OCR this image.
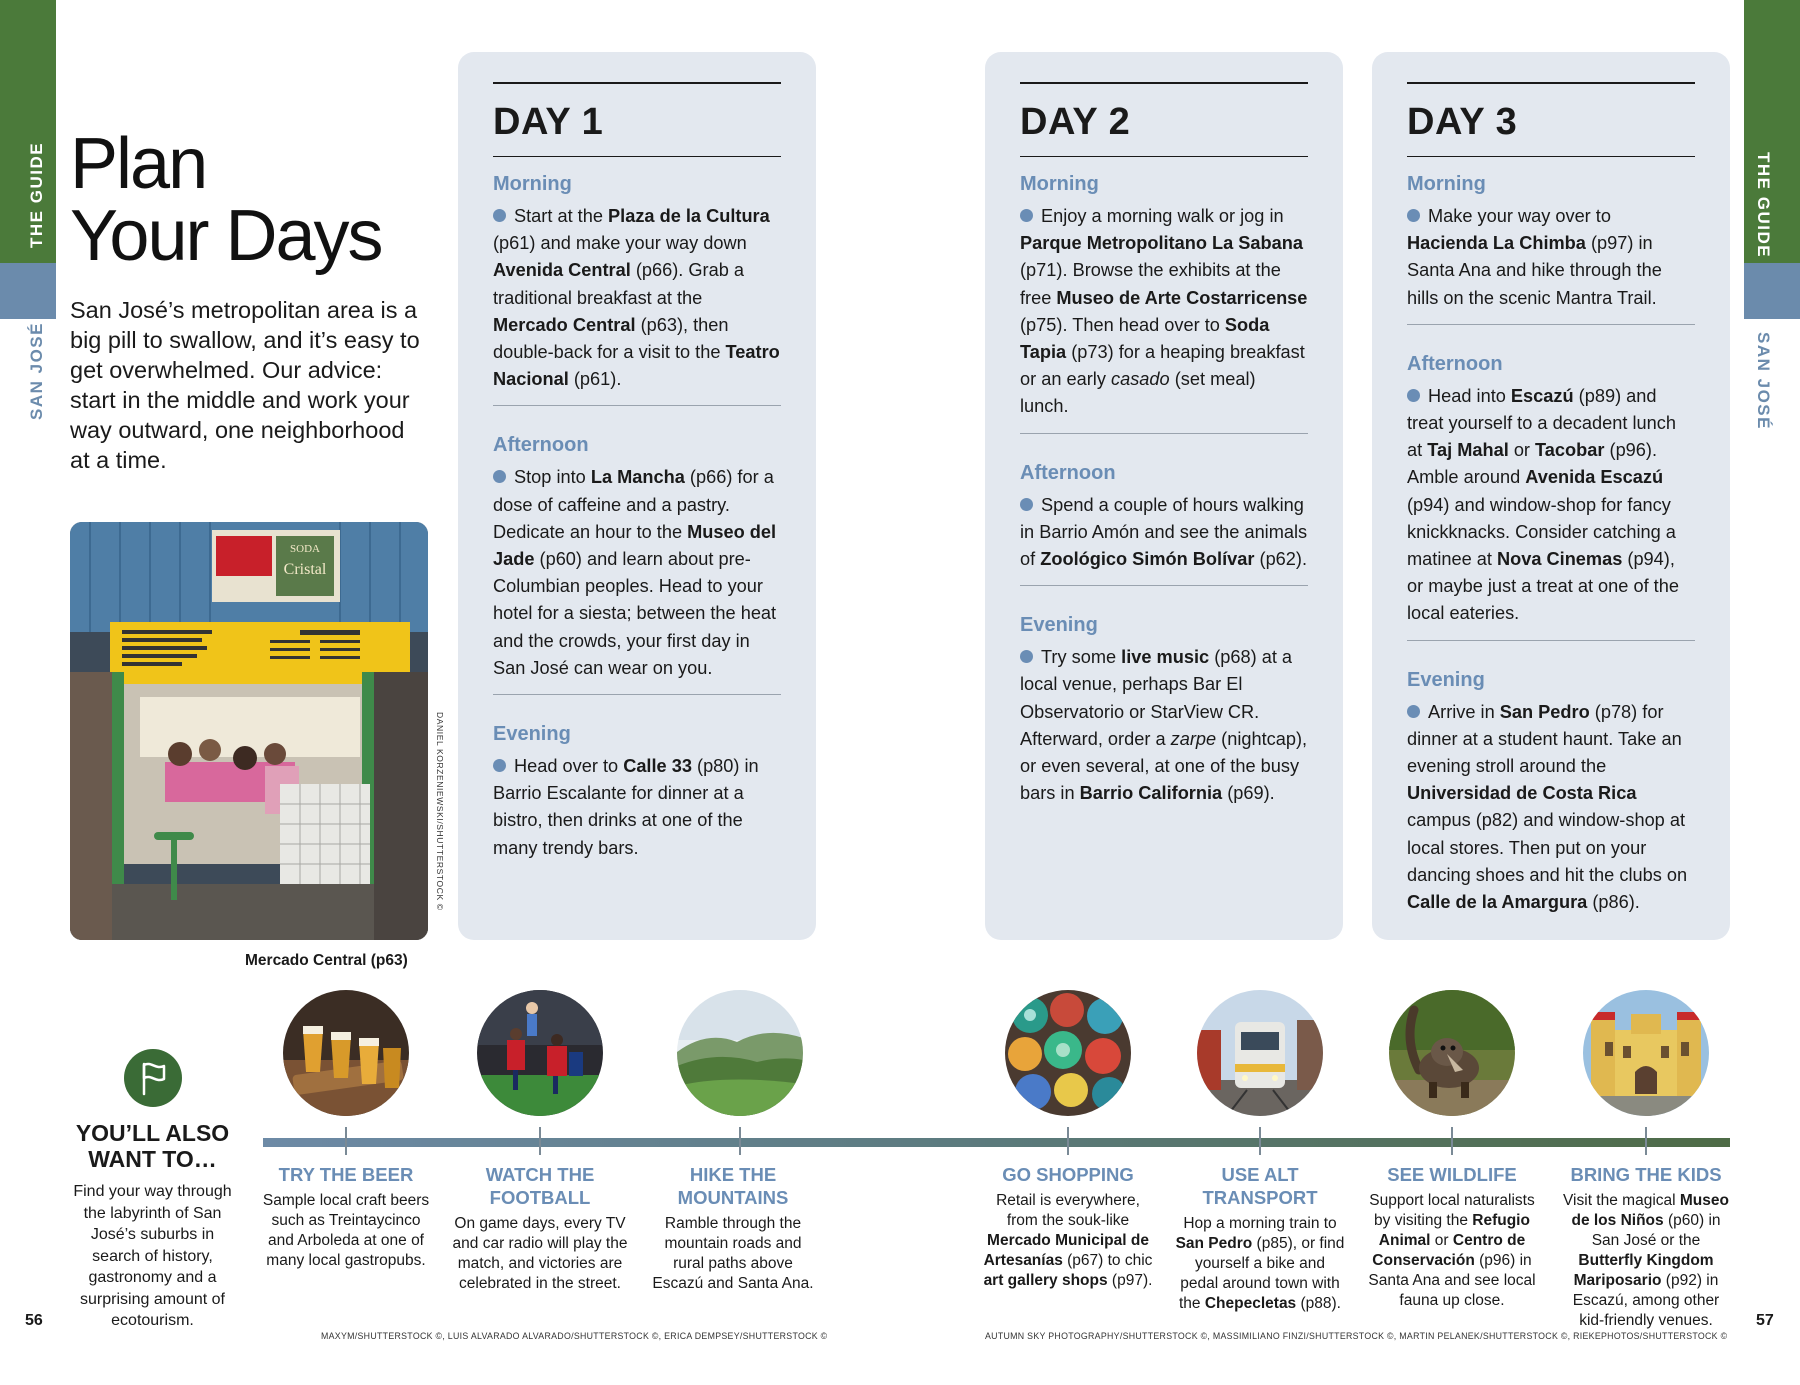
THE GUIDE
SAN JOSÉ
THE GUIDE
SAN JOSÉ
56	57
Plan
Your Days
San José’s metropolitan area is a big pill to swallow, and it’s easy to get overwhelmed. Our advice: start in the middle and work your way outward, one neighborhood at a time.
SODA
Cristal
DANIEL KORZENIEWSKI/SHUTTERSTOCK ©
Mercado Central (p63)
DAY 1
Morning

Start at the Plaza de la Cultura (p61) and make your way down Avenida Central (p66). Grab a traditional breakfast at the Mercado Central (p63), then double-back for a visit to the Teatro Nacional (p61).

Afternoon

Stop into La Mancha (p66) for a dose of caffeine and a pastry. Dedicate an hour to the Museo del Jade (p60) and learn about pre-Columbian peoples. Head to your hotel for a siesta; between the heat and the crowds, your first day in San José can wear on you.

Evening

Head over to Calle 33 (p80) in Barrio Escalante for dinner at a bistro, then drinks at one of the many trendy bars.

DAY 2
Morning

Enjoy a morning walk or jog in Parque Metropolitano La Sabana (p71). Browse the exhibits at the free Museo de Arte Costarricense (p75). Then head over to Soda Tapia (p73) for a heaping breakfast or an early casado (set meal) lunch.

Afternoon

Spend a couple of hours walking in Barrio Amón and see the animals of Zoológico Simón Bolívar (p62).

Evening

Try some live music (p68) at a local venue, perhaps Bar El Observatorio or StarView CR. Afterward, order a zarpe (nightcap), or even several, at one of the busy bars in Barrio California (p69).

DAY 3
Morning

Make your way over to Hacienda La Chimba (p97) in Santa Ana and hike through the hills on the scenic Mantra Trail.

Afternoon

Head into Escazú (p89) and treat yourself to a decadent lunch at Taj Mahal or Tacobar (p96). Amble around Avenida Escazú (p94) and window-shop for fancy knickknacks. Consider catching a matinee at Nova Cinemas (p94), or maybe just a treat at one of the local eateries.

Evening

Arrive in San Pedro (p78) for dinner at a student haunt. Take an evening stroll around the Universidad de Costa Rica campus (p82) and window-shop at local stores. Then put on your dancing shoes and hit the clubs on Calle de la Amargura (p86).

YOU’LL ALSO WANT TO…
Find your way through the labyrinth of San José’s suburbs in search of history, gastronomy and a surprising amount of ecotourism.
TRY THE BEER
Sample local craft beers such as Treintaycinco and Arboleda at one of many local gastropubs.
WATCH THE FOOTBALL
On game days, every TV and car radio will play the match, and victories are celebrated in the street.
HIKE THE MOUNTAINS
Ramble through the mountain roads and rural paths above Escazú and Santa Ana.
GO SHOPPING
Retail is everywhere, from the souk-like Mercado Municipal de Artesanías (p67) to chic art gallery shops (p97).
USE ALT TRANSPORT
Hop a morning train to San Pedro (p85), or find yourself a bike and pedal around town with the Chepecletas (p88).
SEE WILDLIFE
Support local naturalists by visiting the Refugio Animal or Centro de Conservación (p96) in Santa Ana and see local fauna up close.
BRING THE KIDS
Visit the magical Museo de los Niños (p60) in San José or the Butterfly Kingdom Mariposario (p92) in Escazú, among other kid-friendly venues.
MAXYM/SHUTTERSTOCK ©, LUIS ALVARADO ALVARADO/SHUTTERSTOCK ©, ERICA DEMPSEY/SHUTTERSTOCK ©	AUTUMN SKY PHOTOGRAPHY/SHUTTERSTOCK ©, MASSIMILIANO FINZI/SHUTTERSTOCK ©, MARTIN PELANEK/SHUTTERSTOCK ©, RIEKEPHOTOS/SHUTTERSTOCK ©
